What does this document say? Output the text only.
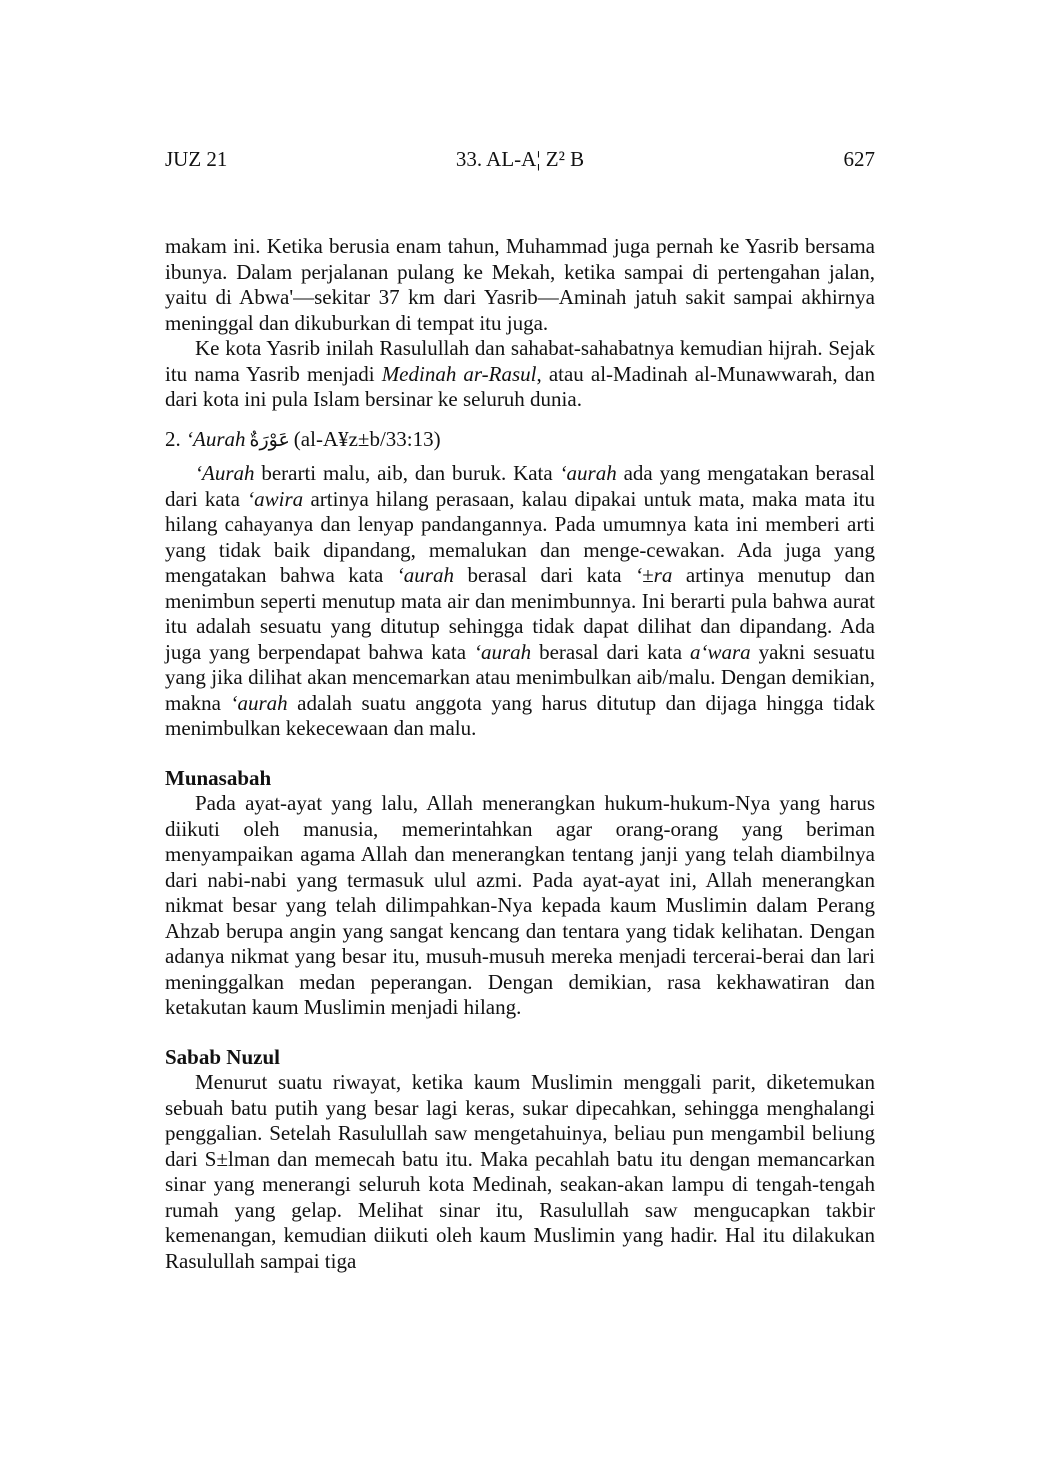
JUZ 21	33. AL-A¦ Z² B	627

makam ini. Ketika berusia enam tahun, Muhammad juga pernah ke Yasrib bersama ibunya. Dalam perjalanan pulang ke Mekah, ketika sampai di pertengahan jalan, yaitu di Abwa'—sekitar 37 km dari Yasrib—Aminah jatuh sakit sampai akhirnya meninggal dan dikuburkan di tempat itu juga.

Ke kota Yasrib inilah Rasulullah dan sahabat-sahabatnya kemudian hijrah. Sejak itu nama Yasrib menjadi Medinah ar-Rasul, atau al-Madinah al-Munawwarah, dan dari kota ini pula Islam bersinar ke seluruh dunia.

2. ‘Aurah عَوْرَةٌ (al-A¥z±b/33:13)

‘Aurah berarti malu, aib, dan buruk. Kata ‘aurah ada yang mengatakan berasal dari kata ‘awira artinya hilang perasaan, kalau dipakai untuk mata, maka mata itu hilang cahayanya dan lenyap pandangannya. Pada umumnya kata ini memberi arti yang tidak baik dipandang, memalukan dan menge-cewakan. Ada juga yang mengatakan bahwa kata ‘aurah berasal dari kata ‘±ra artinya menutup dan menimbun seperti menutup mata air dan menimbunnya. Ini berarti pula bahwa aurat itu adalah sesuatu yang ditutup sehingga tidak dapat dilihat dan dipandang. Ada juga yang berpendapat bahwa kata ‘aurah berasal dari kata a‘wara yakni sesuatu yang jika dilihat akan mencemarkan atau menimbulkan aib/malu. Dengan demikian, makna ‘aurah adalah suatu anggota yang harus ditutup dan dijaga hingga tidak menimbulkan kekecewaan dan malu.

Munasabah

Pada ayat-ayat yang lalu, Allah menerangkan hukum-hukum-Nya yang harus diikuti oleh manusia, memerintahkan agar orang-orang yang beriman menyampaikan agama Allah dan menerangkan tentang janji yang telah diambilnya dari nabi-nabi yang termasuk ulul azmi. Pada ayat-ayat ini, Allah menerangkan nikmat besar yang telah dilimpahkan-Nya kepada kaum Muslimin dalam Perang Ahzab berupa angin yang sangat kencang dan tentara yang tidak kelihatan. Dengan adanya nikmat yang besar itu, musuh-musuh mereka menjadi tercerai-berai dan lari meninggalkan medan peperangan. Dengan demikian, rasa kekhawatiran dan ketakutan kaum Muslimin menjadi hilang.

Sabab Nuzul

Menurut suatu riwayat, ketika kaum Muslimin menggali parit, diketemukan sebuah batu putih yang besar lagi keras, sukar dipecahkan, sehingga menghalangi penggalian. Setelah Rasulullah saw mengetahuinya, beliau pun mengambil beliung dari S±lman dan memecah batu itu. Maka pecahlah batu itu dengan memancarkan sinar yang menerangi seluruh kota Medinah, seakan-akan lampu di tengah-tengah rumah yang gelap. Melihat sinar itu, Rasulullah saw mengucapkan takbir kemenangan, kemudian diikuti oleh kaum Muslimin yang hadir. Hal itu dilakukan Rasulullah sampai tiga
